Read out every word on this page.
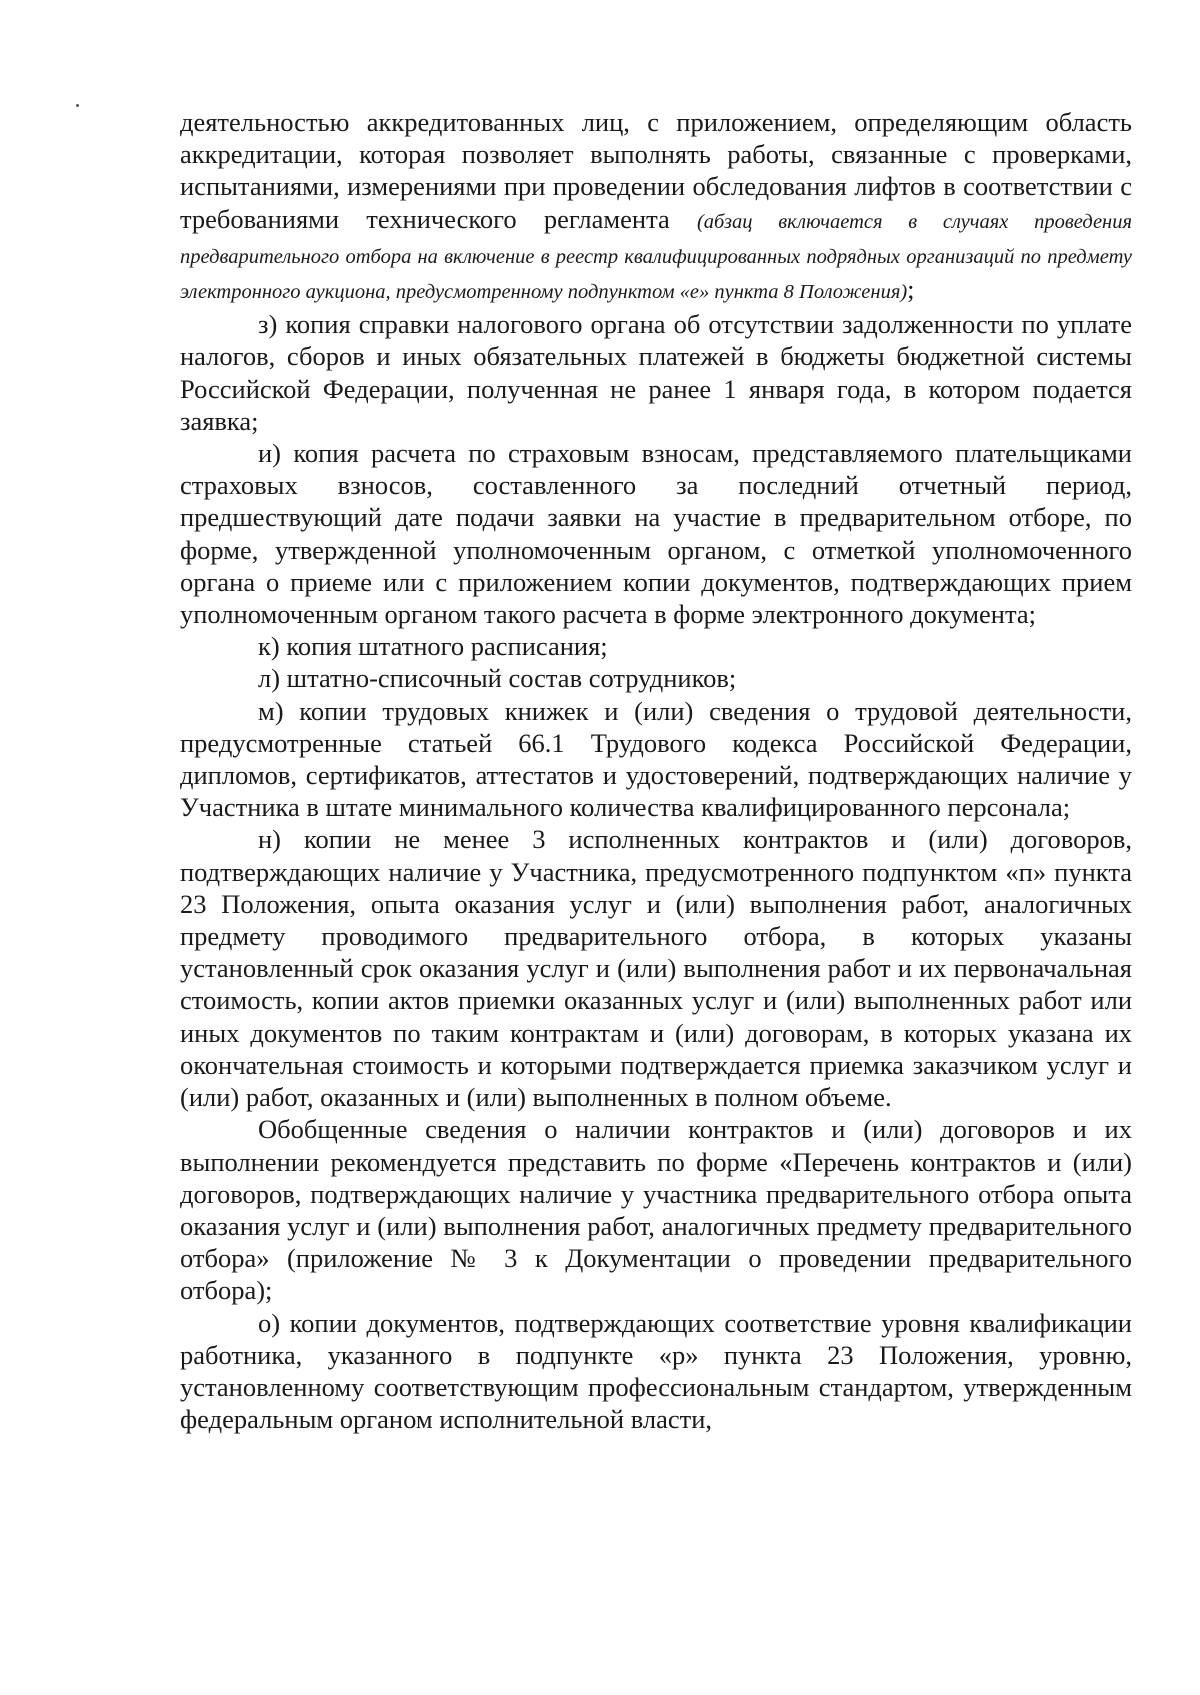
деятельностью аккредитованных лиц, с приложением, определяющим область аккредитации, которая позволяет выполнять работы, связанные с проверками, испытаниями, измерениями при проведении обследования лифтов в соответствии с требованиями технического регламента (абзац включается в случаях проведения предварительного отбора на включение в реестр квалифицированных подрядных организаций по предмету электронного аукциона, предусмотренному подпунктом «е» пункта 8 Положения);

з) копия справки налогового органа об отсутствии задолженности по уплате налогов, сборов и иных обязательных платежей в бюджеты бюджетной системы Российской Федерации, полученная не ранее 1 января года, в котором подается заявка;

и) копия расчета по страховым взносам, представляемого плательщиками страховых взносов, составленного за последний отчетный период, предшествующий дате подачи заявки на участие в предварительном отборе, по форме, утвержденной уполномоченным органом, с отметкой уполномоченного органа о приеме или с приложением копии документов, подтверждающих прием уполномоченным органом такого расчета в форме электронного документа;

к) копия штатного расписания;

л) штатно-списочный состав сотрудников;

м) копии трудовых книжек и (или) сведения о трудовой деятельности, предусмотренные статьей 66.1 Трудового кодекса Российской Федерации, дипломов, сертификатов, аттестатов и удостоверений, подтверждающих наличие у Участника в штате минимального количества квалифицированного персонала;

н) копии не менее 3 исполненных контрактов и (или) договоров, подтверждающих наличие у Участника, предусмотренного подпунктом «п» пункта 23 Положения, опыта оказания услуг и (или) выполнения работ, аналогичных предмету проводимого предварительного отбора, в которых указаны установленный срок оказания услуг и (или) выполнения работ и их первоначальная стоимость, копии актов приемки оказанных услуг и (или) выполненных работ или иных документов по таким контрактам и (или) договорам, в которых указана их окончательная стоимость и которыми подтверждается приемка заказчиком услуг и (или) работ, оказанных и (или) выполненных в полном объеме.

Обобщенные сведения о наличии контрактов и (или) договоров и их выполнении рекомендуется представить по форме «Перечень контрактов и (или) договоров, подтверждающих наличие у участника предварительного отбора опыта оказания услуг и (или) выполнения работ, аналогичных предмету предварительного отбора» (приложение № 3 к Документации о проведении предварительного отбора);

о) копии документов, подтверждающих соответствие уровня квалификации работника, указанного в подпункте «р» пункта 23 Положения, уровню, установленному соответствующим профессиональным стандартом, утвержденным федеральным органом исполнительной власти,
